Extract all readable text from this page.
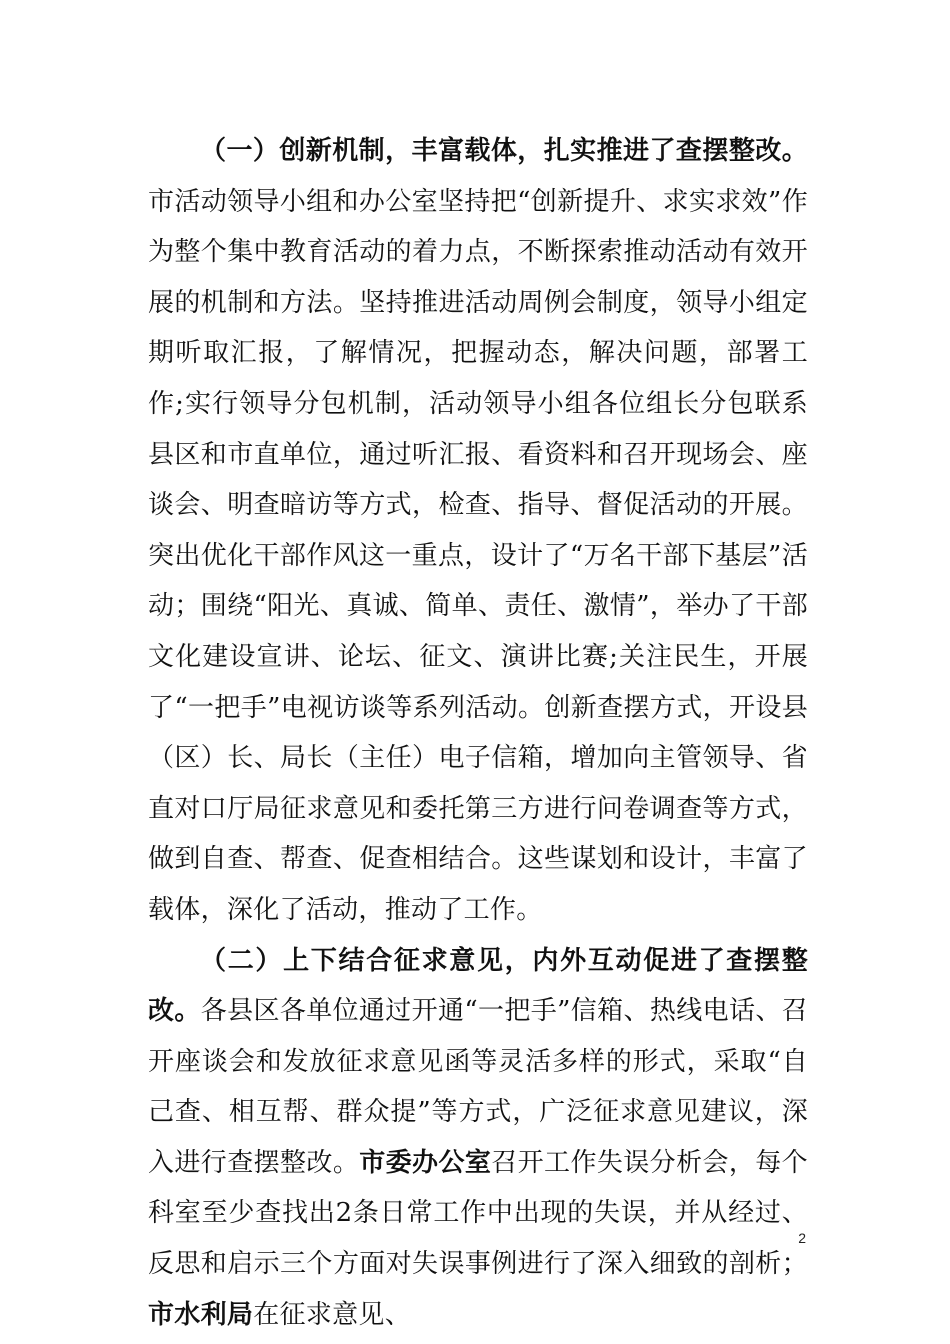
（一）创新机制，丰富载体，扎实推进了查摆整改。市活动领导小组和办公室坚持把“创新提升、求实求效”作为整个集中教育活动的着力点，不断探索推动活动有效开展的机制和方法。坚持推进活动周例会制度，领导小组定期听取汇报，了解情况，把握动态，解决问题，部署工作;实行领导分包机制，活动领导小组各位组长分包联系县区和市直单位，通过听汇报、看资料和召开现场会、座谈会、明查暗访等方式，检查、指导、督促活动的开展。突出优化干部作风这一重点，设计了“万名干部下基层”活动；围绕“阳光、真诚、简单、责任、激情”，举办了干部文化建设宣讲、论坛、征文、演讲比赛;关注民生，开展了“一把手”电视访谈等系列活动。创新查摆方式，开设县（区）长、局长（主任）电子信箱，增加向主管领导、省直对口厅局征求意见和委托第三方进行问卷调查等方式，做到自查、帮查、促查相结合。这些谋划和设计，丰富了载体，深化了活动，推动了工作。

（二）上下结合征求意见，内外互动促进了查摆整改。各县区各单位通过开通“一把手”信箱、热线电话、召开座谈会和发放征求意见函等灵活多样的形式，采取“自己查、相互帮、群众提”等方式，广泛征求意见建议，深入进行查摆整改。市委办公室召开工作失误分析会，每个科室至少查找出2条日常工作中出现的失误，并从经过、反思和启示三个方面对失误事例进行了深入细致的剖析；市水利局在征求意见、

2
